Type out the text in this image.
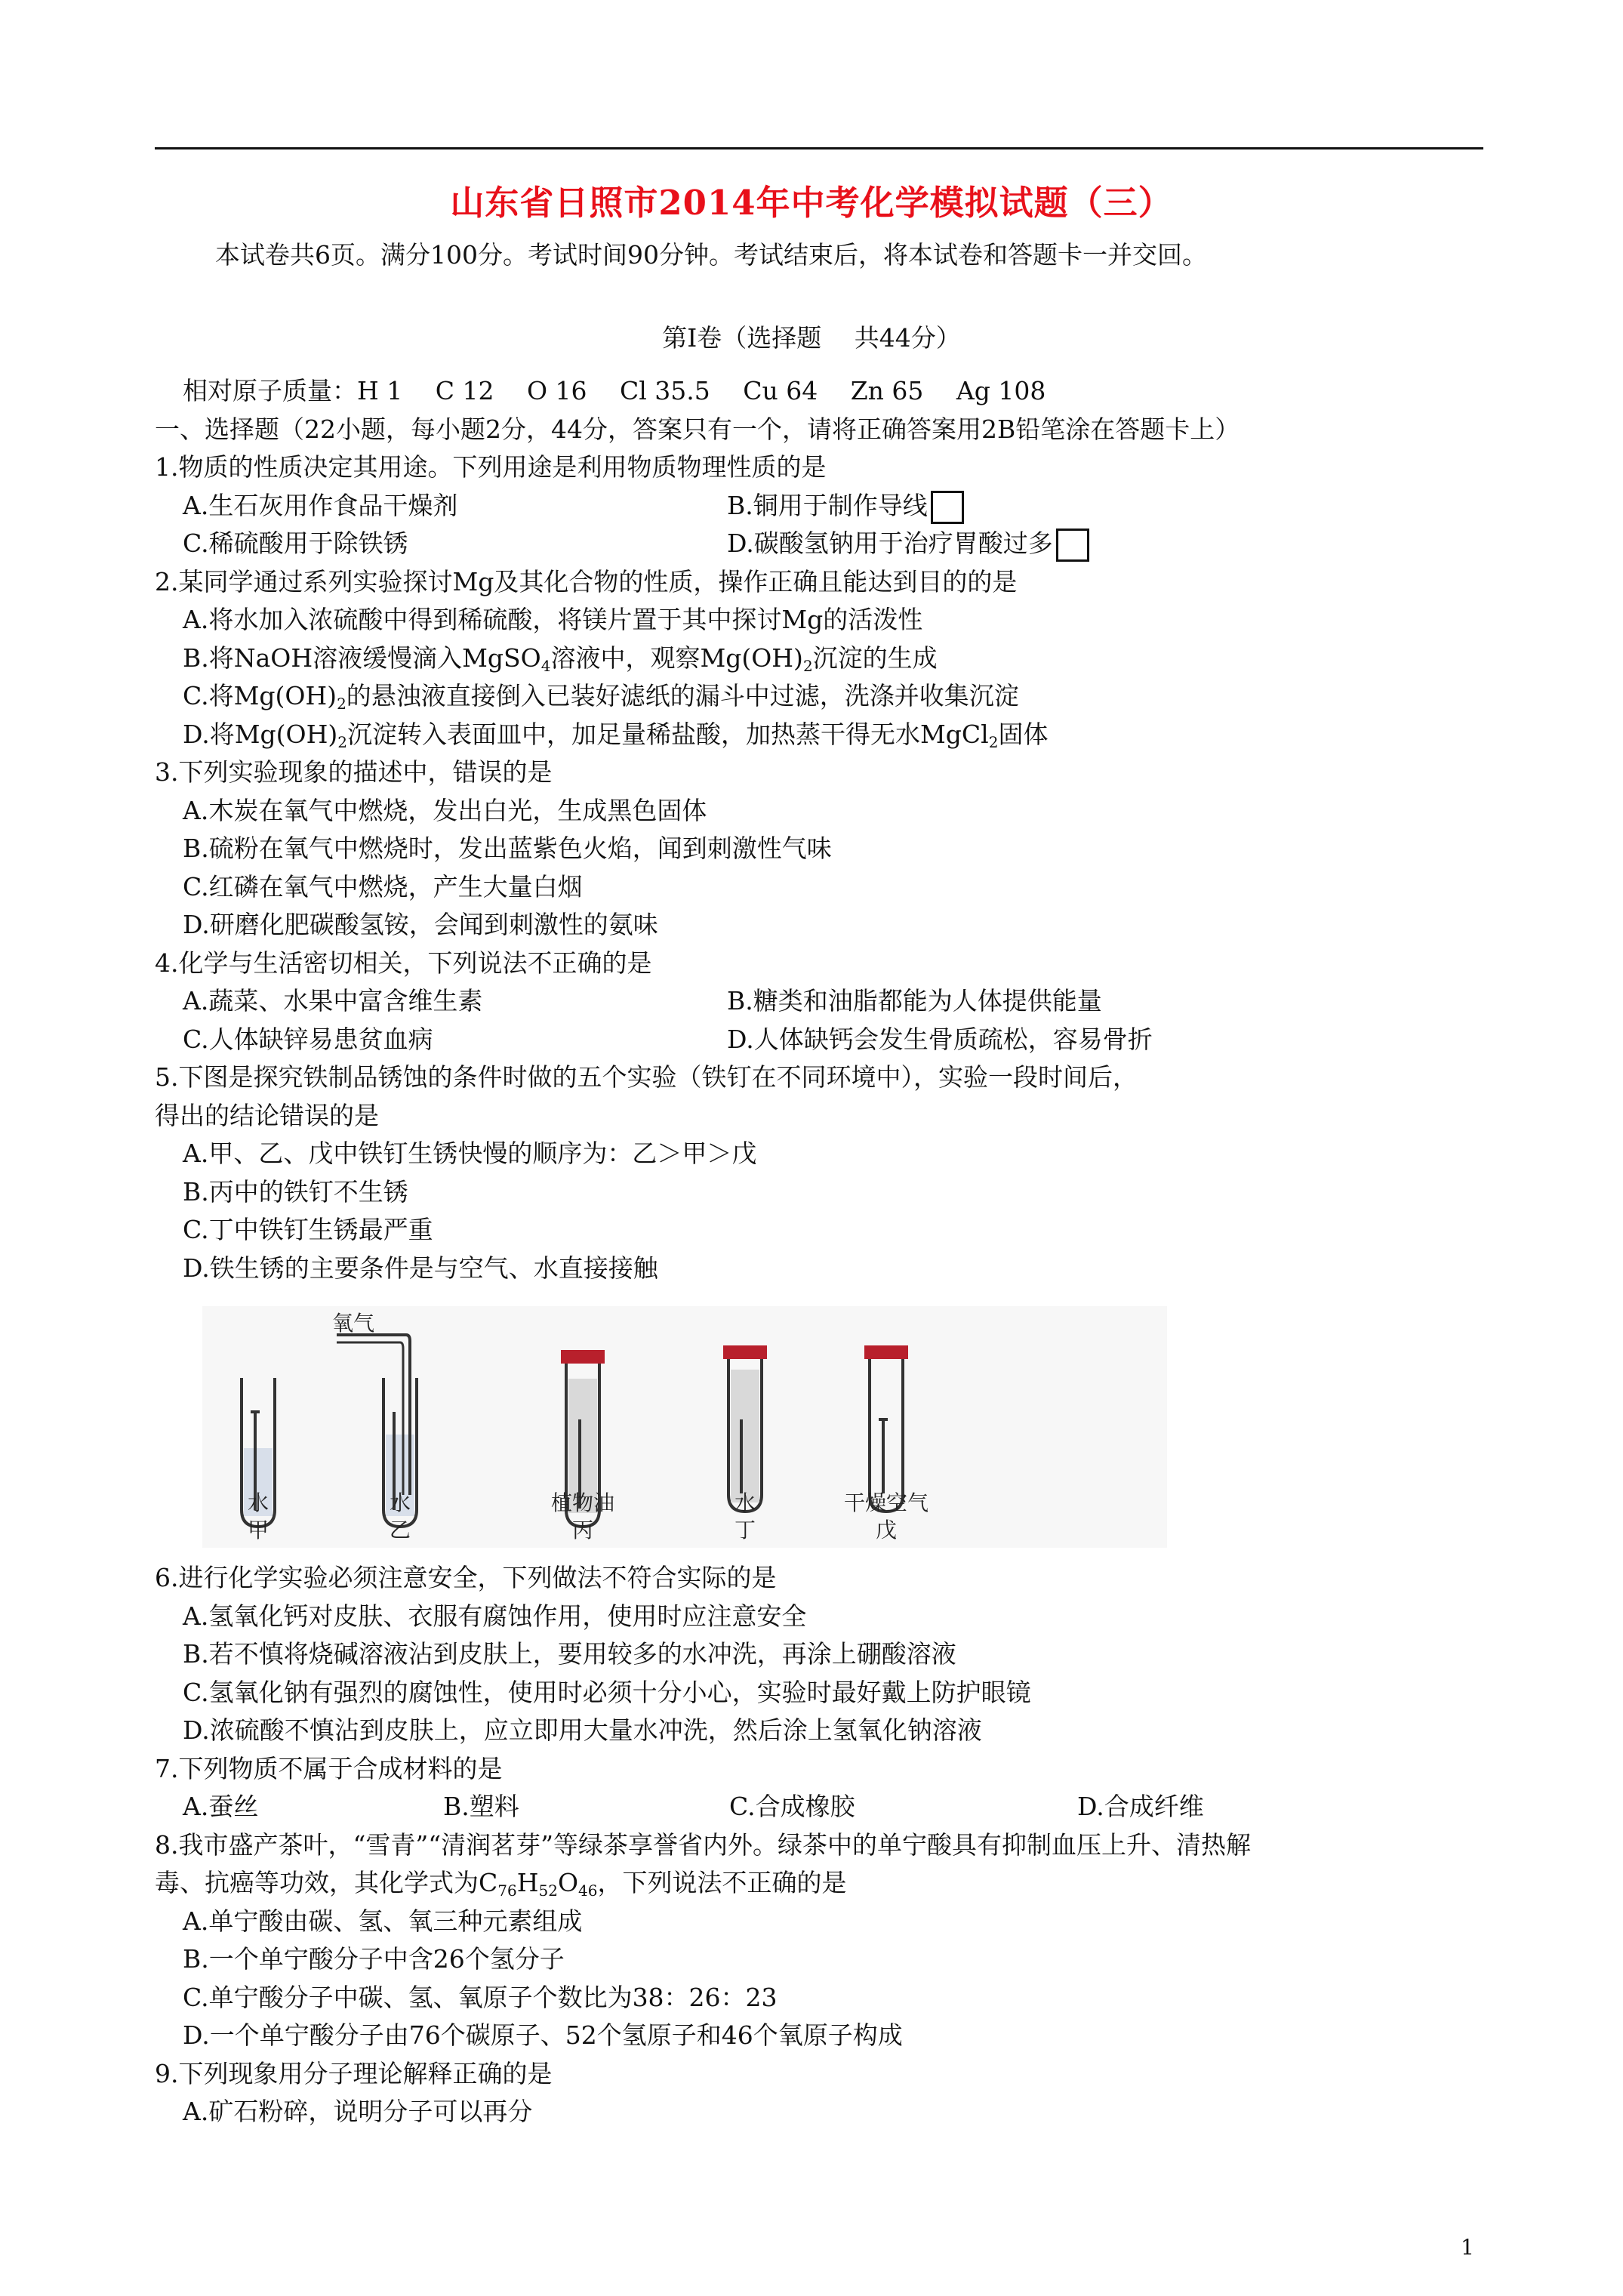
山东省日照市2014年中考化学模拟试题（三）
本试卷共6页。满分100分。考试时间90分钟。考试结束后，将本试卷和答题卡一并交回。
第I卷（选择题　 共44分）
相对原子质量：H 1　 C 12　 O 16　 Cl 35.5　 Cu 64　 Zn 65　 Ag 108
一、选择题（22小题，每小题2分，44分，答案只有一个，请将正确答案用2B铅笔涂在答题卡上）
1.物质的性质决定其用途。下列用途是利用物质物理性质的是
A.生石灰用作食品干燥剂	B.铜用于制作导线
C.稀硫酸用于除铁锈	D.碳酸氢钠用于治疗胃酸过多
2.某同学通过系列实验探讨Mg及其化合物的性质，操作正确且能达到目的的是
A.将水加入浓硫酸中得到稀硫酸，将镁片置于其中探讨Mg的活泼性
B.将NaOH溶液缓慢滴入MgSO$_4$溶液中，观察$Mg(OH)_2$沉淀的生成
C.将$Mg(OH)_2$的悬浊液直接倒入已装好滤纸的漏斗中过滤，洗涤并收集沉淀
D.将$Mg(OH)_2$沉淀转入表面皿中，加足量稀盐酸，加热蒸干得无水MgCl$_2$固体
3.下列实验现象的描述中，错误的是
A.木炭在氧气中燃烧，发出白光，生成黑色固体
B.硫粉在氧气中燃烧时，发出蓝紫色火焰，闻到刺激性气味
C.红磷在氧气中燃烧，产生大量白烟
D.研磨化肥碳酸氢铵，会闻到刺激性的氨味
4.化学与生活密切相关，下列说法不正确的是
A.蔬菜、水果中富含维生素	B.糖类和油脂都能为人体提供能量
C.人体缺锌易患贫血病	D.人体缺钙会发生骨质疏松，容易骨折
5.下图是探究铁制品锈蚀的条件时做的五个实验（铁钉在不同环境中），实验一段时间后，
得出的结论错误的是
A.甲、乙、戊中铁钉生锈快慢的顺序为：乙＞甲＞戊
B.丙中的铁钉不生锈
C.丁中铁钉生锈最严重
D.铁生锈的主要条件是与空气、水直接接触
氧气
水
甲
水
乙
植物油
丙
水
丁
干燥空气
戊
6.进行化学实验必须注意安全，下列做法不符合实际的是
A.氢氧化钙对皮肤、衣服有腐蚀作用，使用时应注意安全
B.若不慎将烧碱溶液沾到皮肤上，要用较多的水冲洗，再涂上硼酸溶液
C.氢氧化钠有强烈的腐蚀性，使用时必须十分小心，实验时最好戴上防护眼镜
D.浓硫酸不慎沾到皮肤上，应立即用大量水冲洗，然后涂上氢氧化钠溶液
7.下列物质不属于合成材料的是
A.蚕丝	B.塑料	C.合成橡胶	D.合成纤维
8.我市盛产茶叶，“雪青”“清润茗芽”等绿茶享誉省内外。绿茶中的单宁酸具有抑制血压上升、清热解
毒、抗癌等功效，其化学式为$C_{76}H_{52}O_{46}$，下列说法不正确的是
A.单宁酸由碳、氢、氧三种元素组成
B.一个单宁酸分子中含26个氢分子
C.单宁酸分子中碳、氢、氧原子个数比为38：26：23
D.一个单宁酸分子由76个碳原子、52个氢原子和46个氧原子构成
9.下列现象用分子理论解释正确的是
A.矿石粉碎，说明分子可以再分
1
